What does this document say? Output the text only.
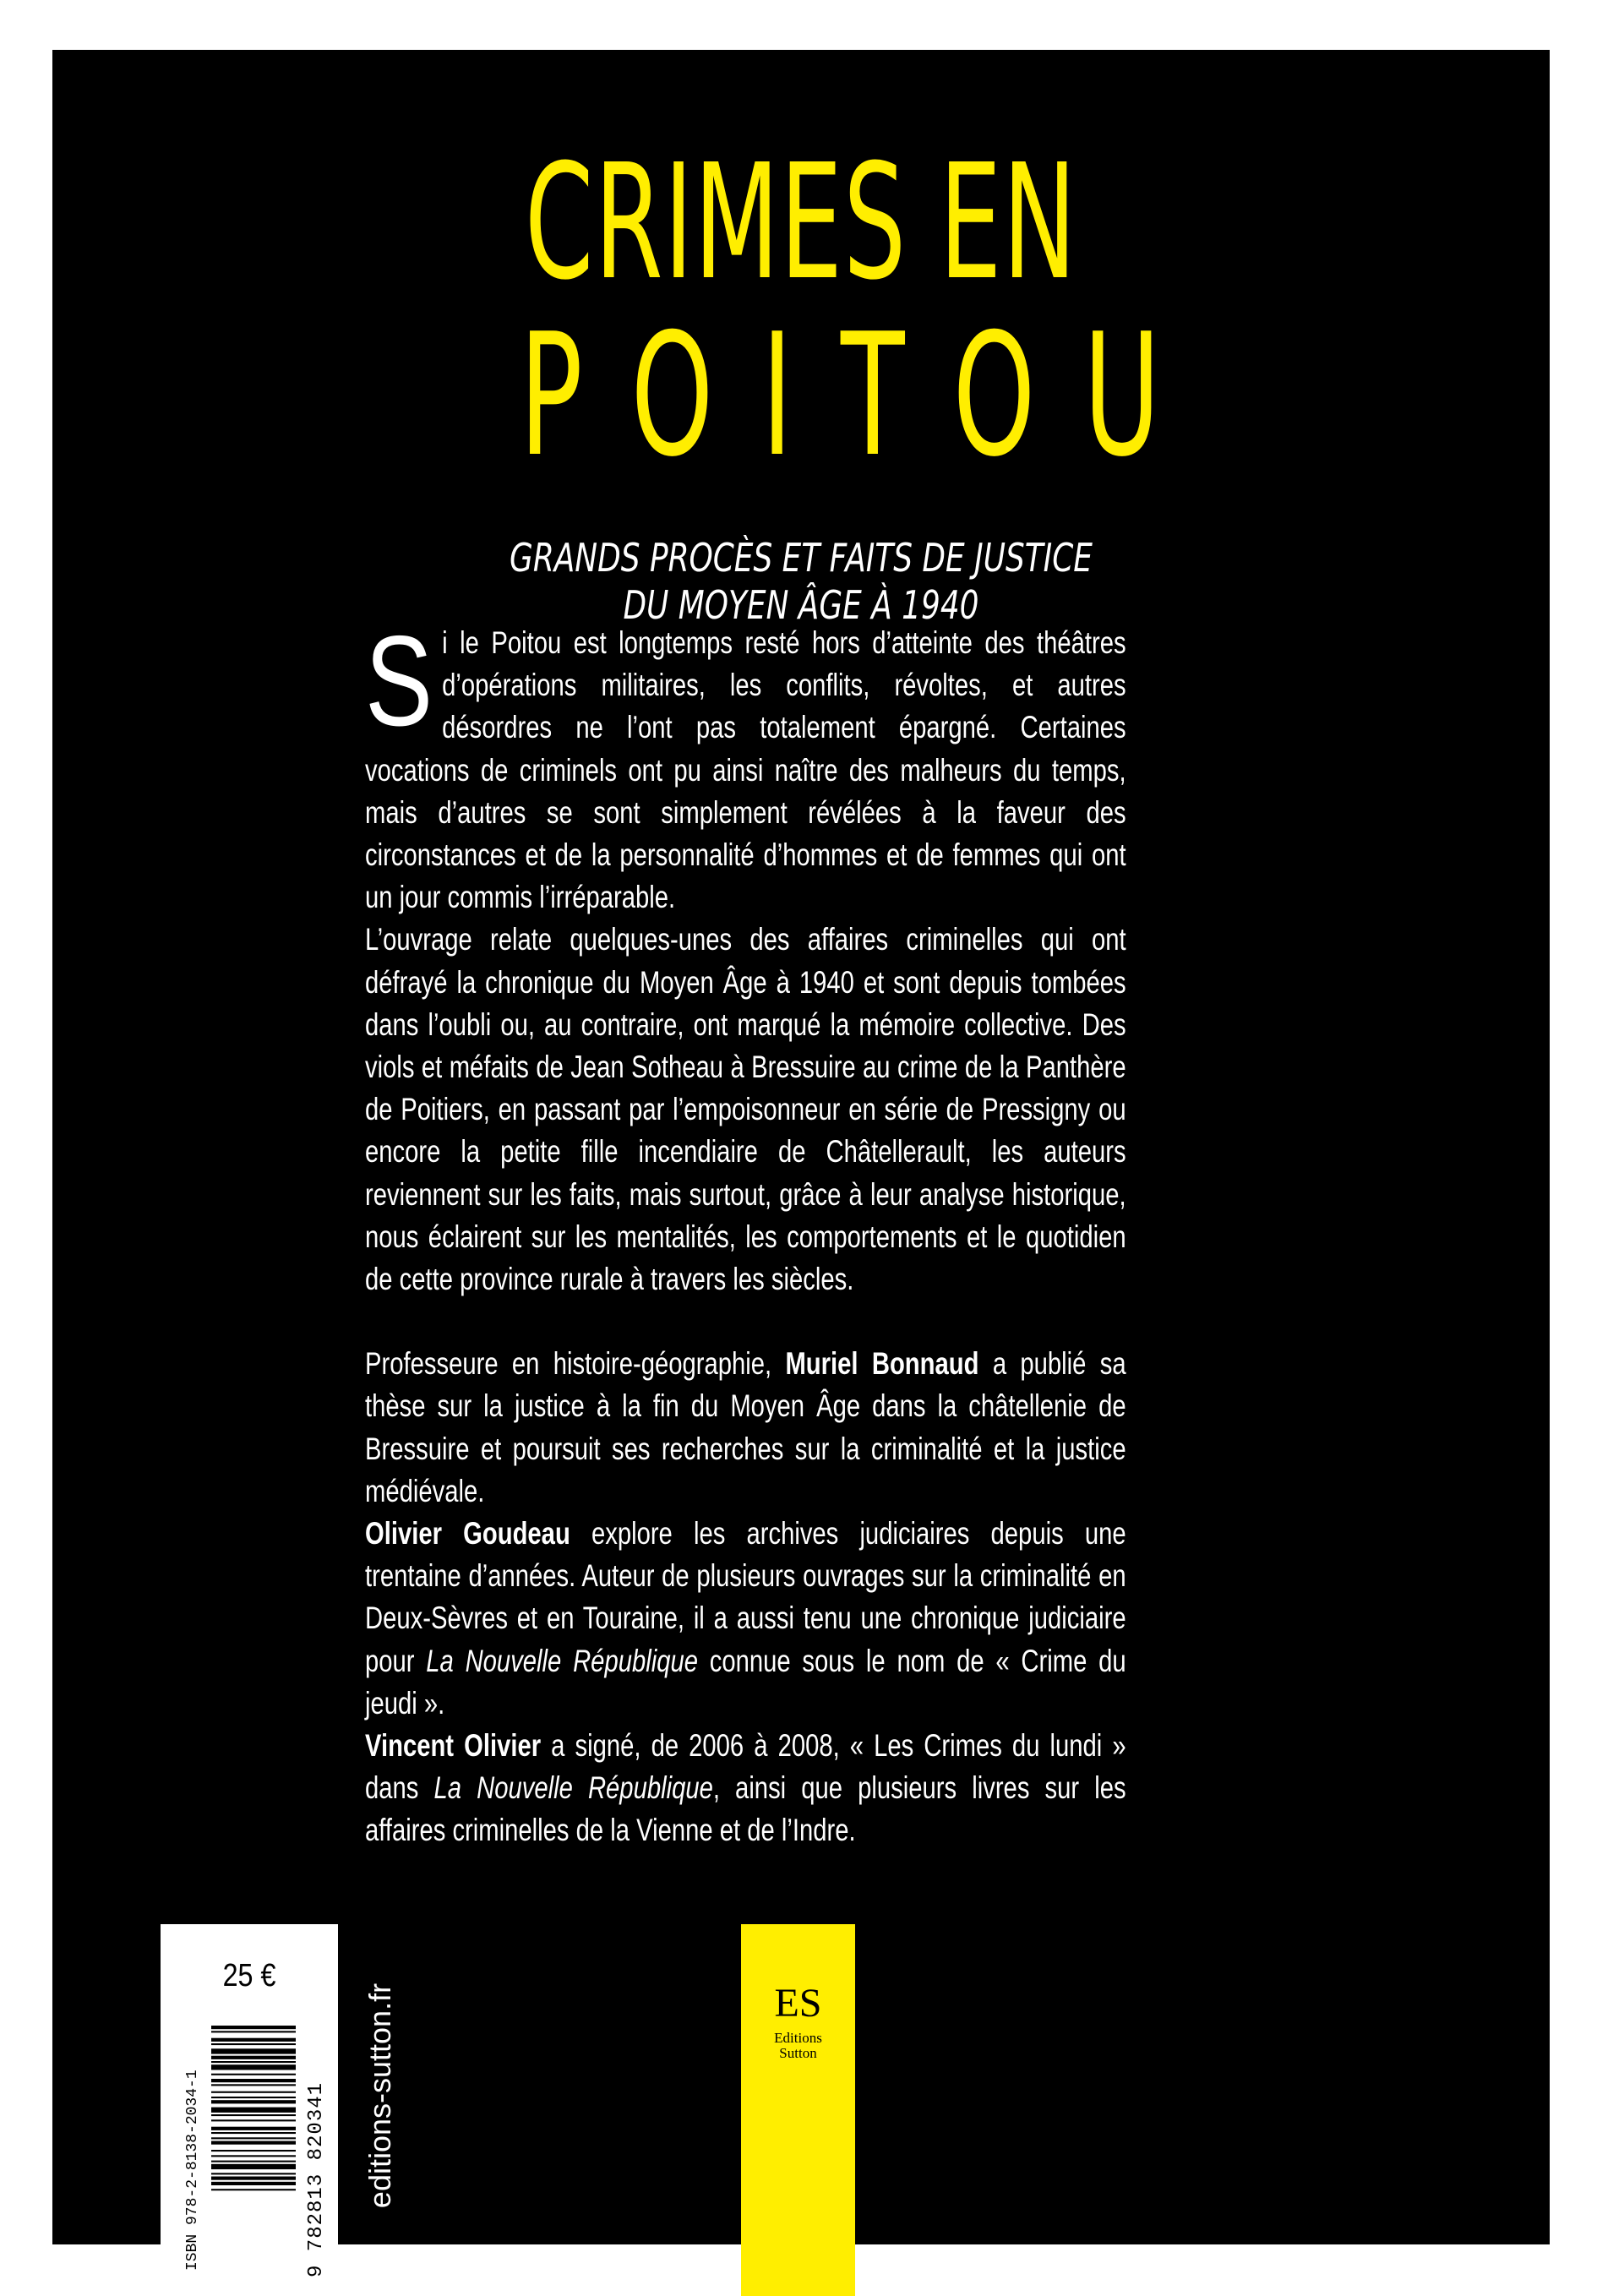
CRIMES EN
POITOU
GRANDS PROCÈS ET FAITS DE JUSTICE
DU MOYEN ÂGE À 1940

Si le Poitou est longtemps resté hors d’atteinte des théâtres d’opérations militaires, les conflits, révoltes, et autres désordres ne l’ont pas totalement épargné. Certaines vocations de criminels ont pu ainsi naître des malheurs du temps, mais d’autres se sont simplement révélées à la faveur des circonstances et de la personnalité d’hommes et de femmes qui ont un jour commis l’irréparable.

L’ouvrage relate quelques-unes des affaires criminelles qui ont défrayé la chronique du Moyen Âge à 1940 et sont depuis tombées dans l’oubli ou, au contraire, ont marqué la mémoire collective. Des viols et méfaits de Jean Sotheau à Bressuire au crime de la Panthère de Poitiers, en passant par l’empoisonneur en série de Pressigny ou encore la petite fille incendiaire de Châtellerault, les auteurs reviennent sur les faits, mais surtout, grâce à leur analyse historique, nous éclairent sur les mentalités, les comportements et le quotidien de cette province rurale à travers les siècles.

Professeure en histoire-géographie, Muriel Bonnaud a publié sa thèse sur la justice à la fin du Moyen Âge dans la châtellenie de Bressuire et poursuit ses recherches sur la criminalité et la justice médiévale.

Olivier Goudeau explore les archives judiciaires depuis une trentaine d’années. Auteur de plusieurs ouvrages sur la criminalité en Deux-Sèvres et en Touraine, il a aussi tenu une chronique judiciaire pour La Nouvelle République connue sous le nom de « Crime du jeudi ».

Vincent Olivier a signé, de 2006 à 2008, « Les Crimes du lundi » dans La Nouvelle République, ainsi que plusieurs livres sur les affaires criminelles de la Vienne et de l’Indre.

25 €
ISBN 978-2-8138-2034-1	9 782813 820341 editions-sutton.fr	ES
Editions
Sutton
